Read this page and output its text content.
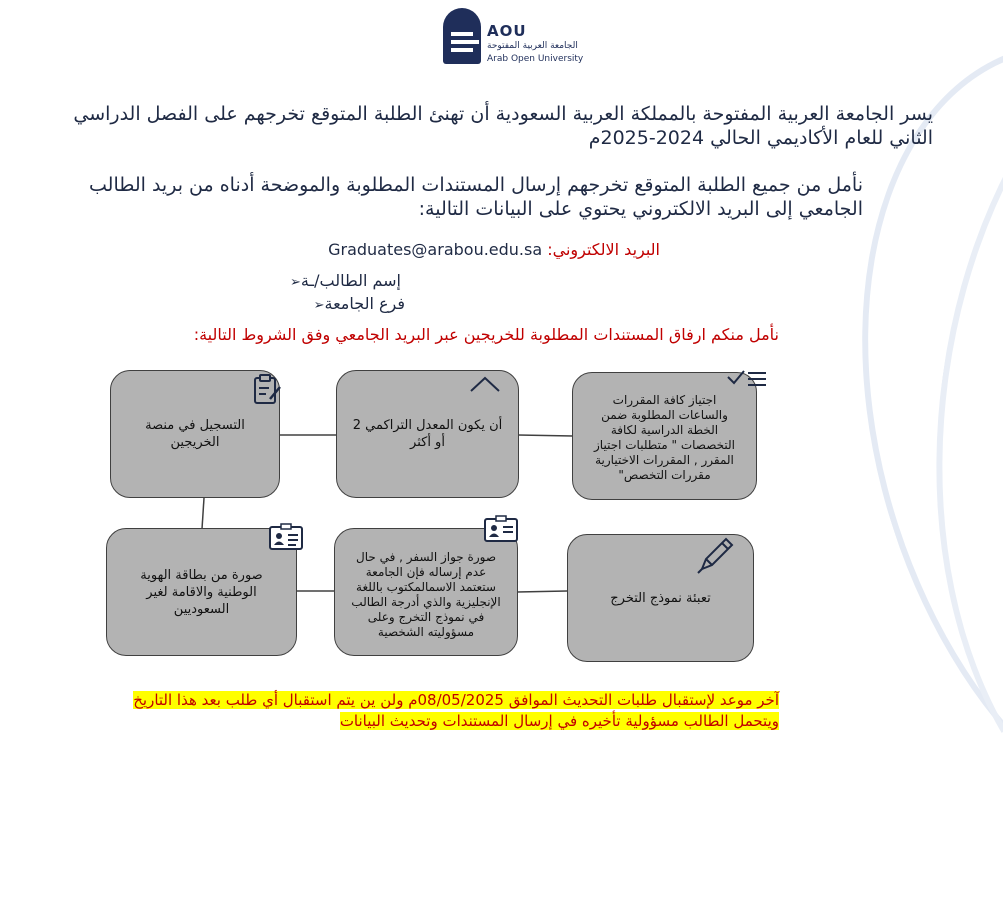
AOU
الجامعة العربية المفتوحة
Arab Open University
يسر الجامعة العربية المفتوحة بالمملكة العربية السعودية أن تهنئ الطلبة المتوقع تخرجهم على الفصل الدراسي الثاني للعام الأكاديمي الحالي 2024-2025م
نأمل من جميع الطلبة المتوقع تخرجهم إرسال المستندات المطلوبة والموضحة أدناه من بريد الطالب الجامعي إلى البريد الالكتروني يحتوي على البيانات التالية:
البريد الالكتروني: Graduates@arabou.edu.sa
إسم الطالب/ـة➢
فرع الجامعة➢
نأمل منكم ارفاق المستندات المطلوبة للخريجين عبر البريد الجامعي وفق الشروط التالية:
اجتياز كافة المقررات والساعات المطلوبة ضمن الخطة الدراسية لكافة التخصصات " متطلبات اجتياز المقرر , المقررات الاختيارية مقررات التخصص"
أن يكون المعدل التراكمي 2 أو أكثر
التسجيل في منصة الخريجين
صورة من بطاقة الهوية الوطنية والاقامة لغير السعوديين
صورة جواز السفر , في حال عدم إرساله فإن الجامعة ستعتمد الاسمالمكتوب باللغة الإنجليزية والذي أدرجة الطالب في نموذج التخرج وعلى مسؤوليته الشخصية
تعبئة نموذج التخرج
آخر موعد لإستقبال طلبات التحديث الموافق 08/05/2025م ولن ين يتم استقبال أي طلب بعد هذا التاريخ ويتحمل الطالب مسؤولية تأخيره في إرسال المستندات وتحديث البيانات
